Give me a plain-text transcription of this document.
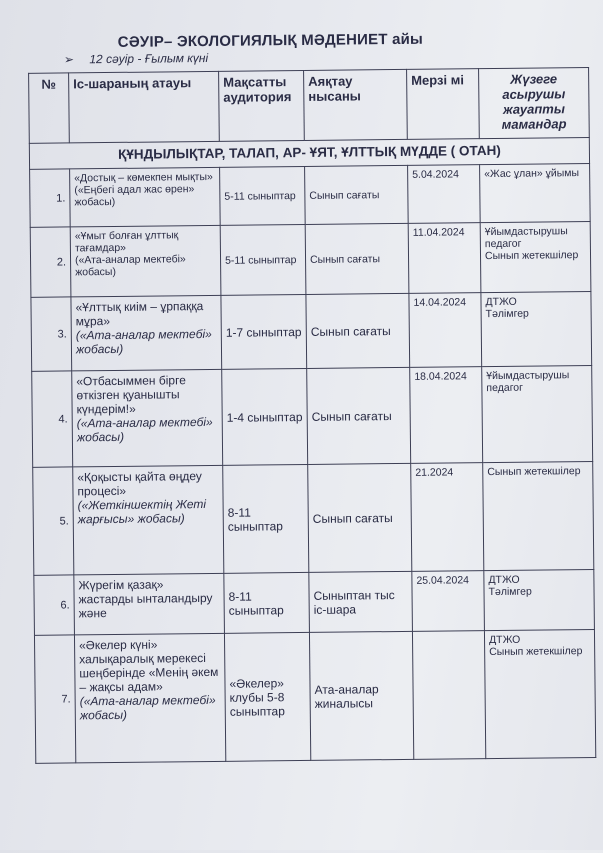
СӘУІР– ЭКОЛОГИЯЛЫҚ МӘДЕНИЕТ айы
➢ 12 сәуір - Ғылым күні
№	Іс-шараның атауы	Мақсатты аудитория	Аяқтау нысаны	Мерзі мі	Жүзеге асырушы жауапты мамандар
ҚҰНДЫЛЫҚТАР, ТАЛАП, АР- ҰЯТ, ҰЛТТЫҚ МҮДДЕ ( ОТАН)					
1.	«Достық – көмекпен мықты»
(«Еңбегі адал жас өрен» жобасы)	5-11 сыныптар	Сынып сағаты	5.04.2024	«Жас ұлан» ұйымы

2.	«Ұмыт болған ұлттық тағамдар»
(«Ата-аналар мектебі» жобасы)	5-11 сыныптар	Сынып сағаты	11.04.2024	Ұйымдастырушы педагог
Сынып жетекшілер

3.	«Ұлттық киім – ұрпаққа мұра»
(«Ата-аналар мектебі» жобасы)	1-7 сыныптар	Сынып сағаты	14.04.2024	ДТЖО
Тәлімгер

4.	«Отбасыммен бірге өткізген қуанышты күндерім!»
(«Ата-аналар мектебі» жобасы)	1-4 сыныптар	Сынып сағаты	18.04.2024	Ұйымдастырушы педагог

5.	«Қоқысты қайта өңдеу процесі»
(«Жеткіншектің Жеті жарғысы» жобасы)	8-11 сыныптар	Сынып сағаты	21.2024	Сынып жетекшілер

6.	Жүрегім қазақ» жастарды ынталандыру және	8-11 сыныптар	Сыныптан тыс іс-шара	25.04.2024	ДТЖО
Тәлімгер

7.	«Әкелер күні» халықаралық мерекесі шеңберінде «Менің әкем – жақсы адам»
(«Ата-аналар мектебі» жобасы)	«Әкелер» клубы 5-8 сыныптар	Ата-аналар жиналысы		ДТЖО
Сынып жетекшілер
